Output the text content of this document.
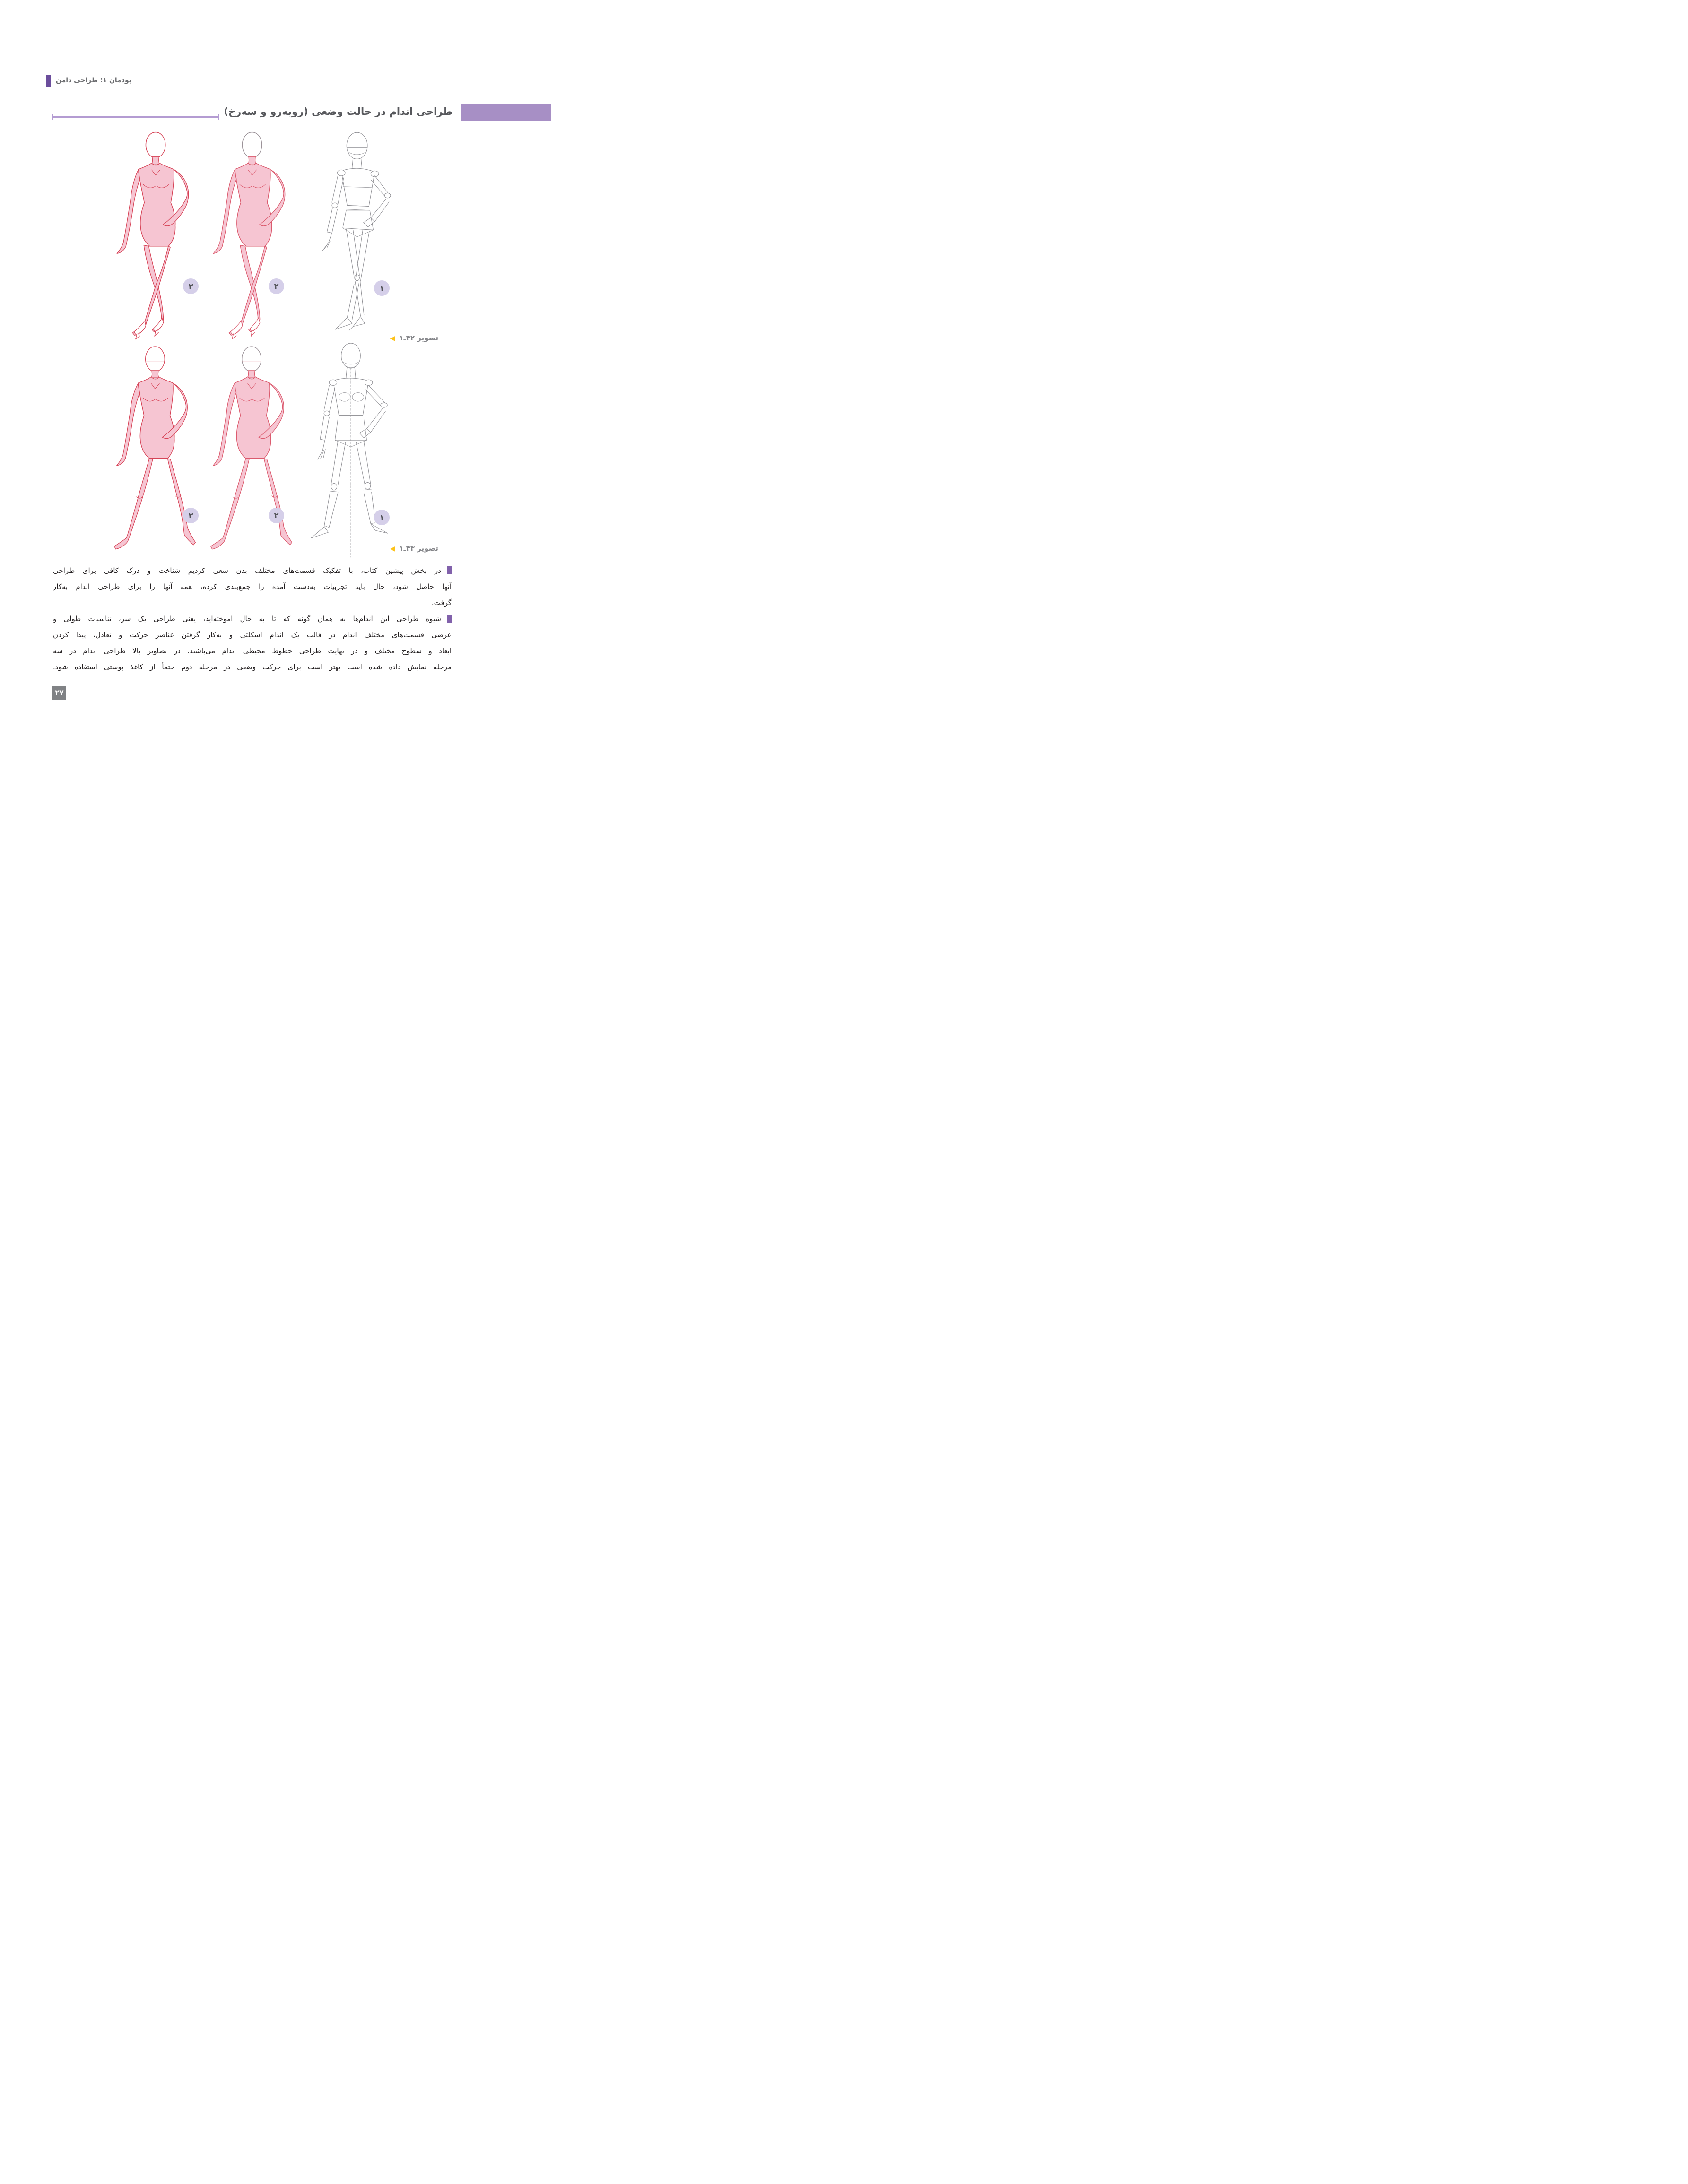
پودمان ۱: طراحی دامن
طراحی اندام در حالت وضعی (روبه‌رو و سه‌رخ)
۳	۲	۱
تصویر ۴۲ـ۱◀
۳	۲	۱
تصویر ۴۳ـ۱◀
در بخش پیشین کتاب، با تفکیک قسمت‌های مختلف بدن سعی کردیم شناخت و درک کافی برای طراحی
آنها حاصل شود، حال باید تجربیات به‌دست آمده را جمع‌بندی کرده، همه آنها را برای طراحی اندام به‌کار
گرفت.
شیوه طراحی این اندام‌ها به همان گونه که تا به حال آموخته‌اید، یعنی طراحی یک سر، تناسبات طولی و
عرضی قسمت‌های مختلف اندام در قالب یک اندام اسکلتی و به‌کار گرفتن عناصر حرکت و تعادل، پیدا کردن
ابعاد و سطوح مختلف و در نهایت طراحی خطوط محیطی اندام می‌باشند. در تصاویر بالا طراحی اندام در سه
مرحله نمایش داده شده است بهتر است برای حرکت وضعی در مرحله دوم حتماً از کاغذ پوستی استفاده شود.
۲۷
